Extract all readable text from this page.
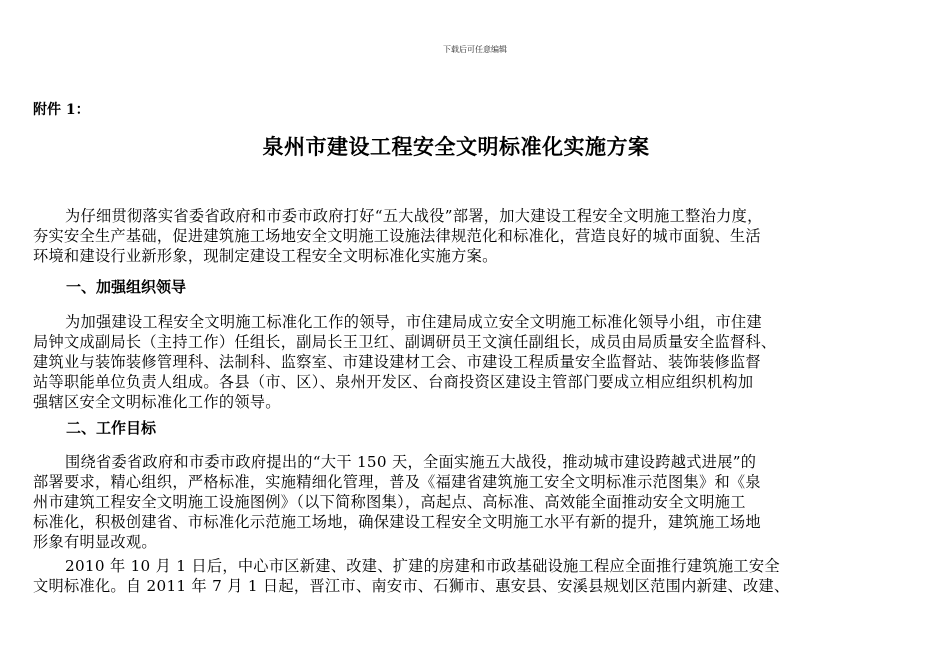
下载后可任意编辑
附件 1：
泉州市建设工程安全文明标准化实施方案
为仔细贯彻落实省委省政府和市委市政府打好“五大战役”部署，加大建设工程安全文明施工整治力度，
夯实安全生产基础，促进建筑施工场地安全文明施工设施法律规范化和标准化，营造良好的城市面貌、生活
环境和建设行业新形象，现制定建设工程安全文明标准化实施方案。
一、加强组织领导
为加强建设工程安全文明施工标准化工作的领导，市住建局成立安全文明施工标准化领导小组，市住建
局钟文成副局长（主持工作）任组长，副局长王卫红、副调研员王文演任副组长，成员由局质量安全监督科、
建筑业与装饰装修管理科、法制科、监察室、市建设建材工会、市建设工程质量安全监督站、装饰装修监督
站等职能单位负责人组成。各县（市、区）、泉州开发区、台商投资区建设主管部门要成立相应组织机构加
强辖区安全文明标准化工作的领导。
二、工作目标
围绕省委省政府和市委市政府提出的“大干 150 天，全面实施五大战役，推动城市建设跨越式进展”的
部署要求，精心组织，严格标准，实施精细化管理，普及《福建省建筑施工安全文明标准示范图集》和《泉
州市建筑工程安全文明施工设施图例》（以下简称图集），高起点、高标准、高效能全面推动安全文明施工
标准化，积极创建省、市标准化示范施工场地，确保建设工程安全文明施工水平有新的提升，建筑施工场地
形象有明显改观。
2010 年 10 月 1 日后，中心市区新建、改建、扩建的房建和市政基础设施工程应全面推行建筑施工安全
文明标准化。自 2011 年 7 月 1 日起，晋江市、南安市、石狮市、惠安县、安溪县规划区范围内新建、改建、
